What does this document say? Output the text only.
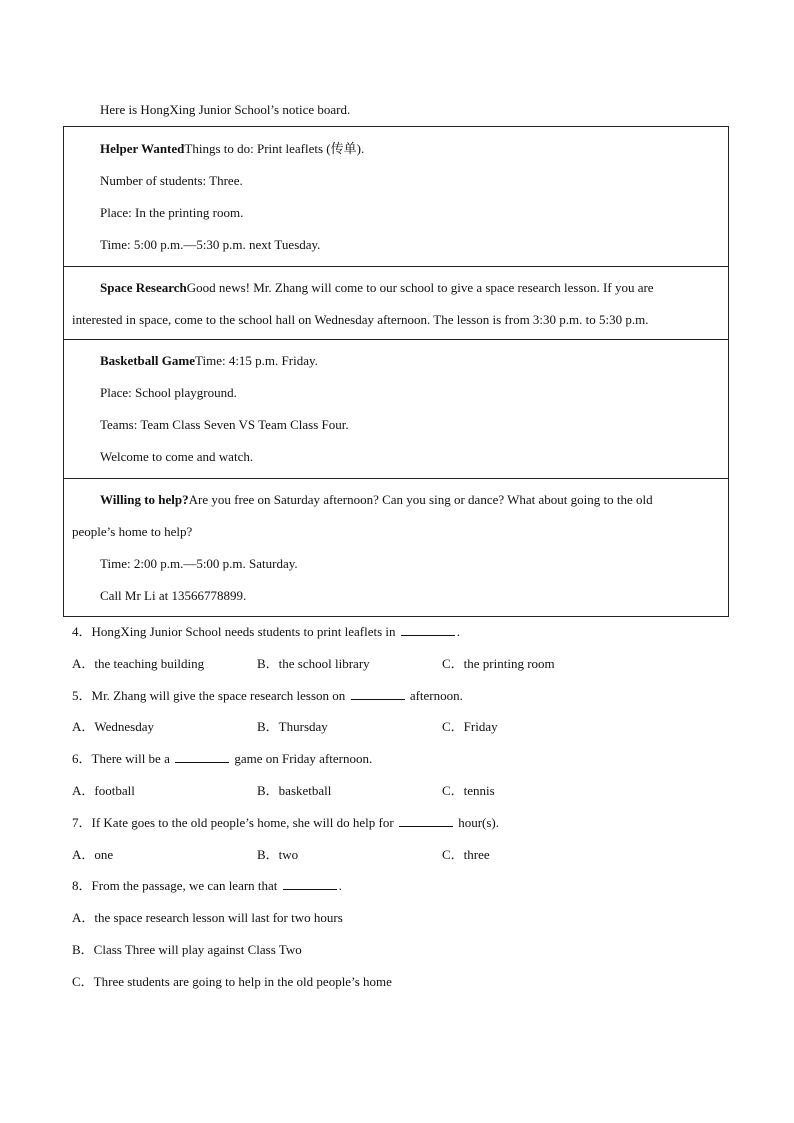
Here is HongXing Junior School’s notice board.
Helper WantedThings to do: Print leaflets (传单).
Number of students: Three.
Place: In the printing room.
Time: 5:00 p.m.—5:30 p.m. next Tuesday.
Space ResearchGood news! Mr. Zhang will come to our school to give a space research lesson. If you are interested in space, come to the school hall on Wednesday afternoon. The lesson is from 3:30 p.m. to 5:30 p.m.
Basketball GameTime: 4:15 p.m. Friday.
Place: School playground.
Teams: Team Class Seven VS Team Class Four.
Welcome to come and watch.
Willing to help?Are you free on Saturday afternoon? Can you sing or dance? What about going to the old people’s home to help?
Time: 2:00 p.m.—5:00 p.m. Saturday.
Call Mr Li at 13566778899.
4．HongXing Junior School needs students to print leaflets in	.
A．the teaching building	B．the school library	C．the printing room
5．Mr. Zhang will give the space research lesson on	afternoon.
A．Wednesday	B．Thursday	C．Friday
6．There will be a	game on Friday afternoon.
A．football	B．basketball	C．tennis
7．If Kate goes to the old people’s home, she will do help for	hour(s).
A．one	B．two	C．three
8．From the passage, we can learn that	.
A．the space research lesson will last for two hours
B．Class Three will play against Class Two
C．Three students are going to help in the old people’s home
